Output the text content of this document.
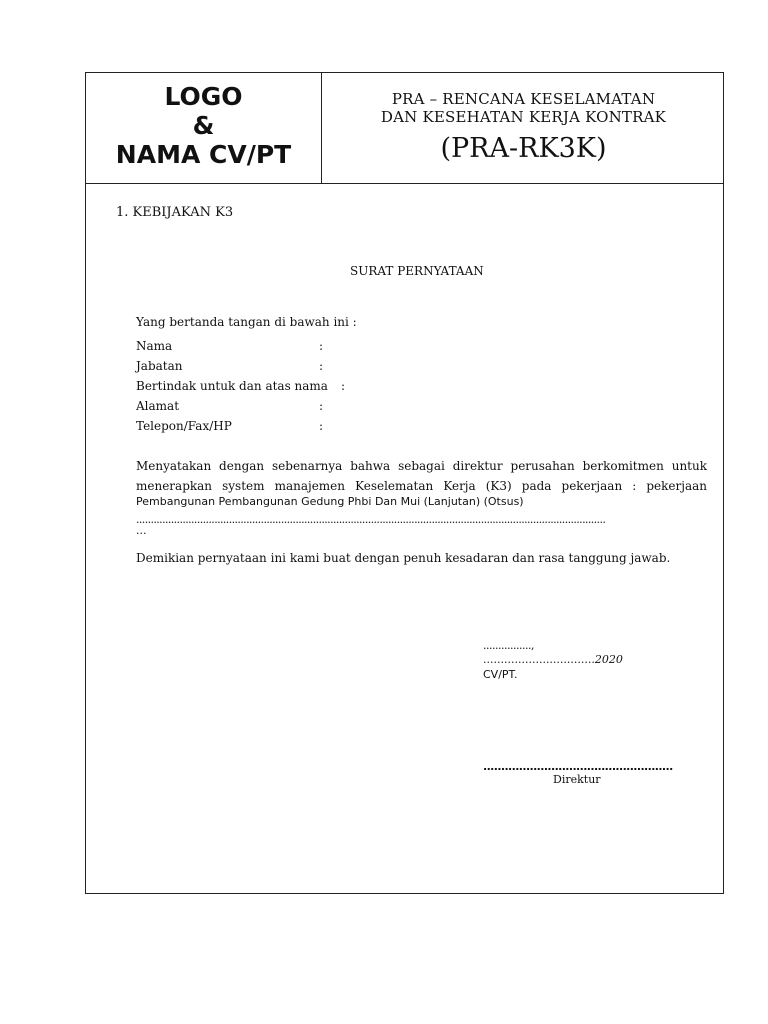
LOGO
&
NAMA CV/PT
PRA – RENCANA KESELAMATAN
DAN KESEHATAN KERJA KONTRAK
(PRA-RK3K)
1. KEBIJAKAN K3
SURAT PERNYATAAN
Yang bertanda tangan di bawah ini :
Nama	:
Jabatan	:
Bertindak untuk dan atas nama :
Alamat	:
Telepon/Fax/HP	:
Menyatakan dengan sebenarnya bahwa sebagai direktur perusahan berkomitmen untuk menerapkan system manajemen Keselematan Kerja (K3) pada pekerjaan : pekerjaan
Pembangunan Pembangunan Gedung Phbi Dan Mui (Lanjutan) (Otsus)
..................................................................................................................................................................
...
Demikian pernyataan ini kami buat dengan penuh kesadaran dan rasa tanggung jawab.
................,
................................2020
CV/PT.
.....................................................
Direktur
